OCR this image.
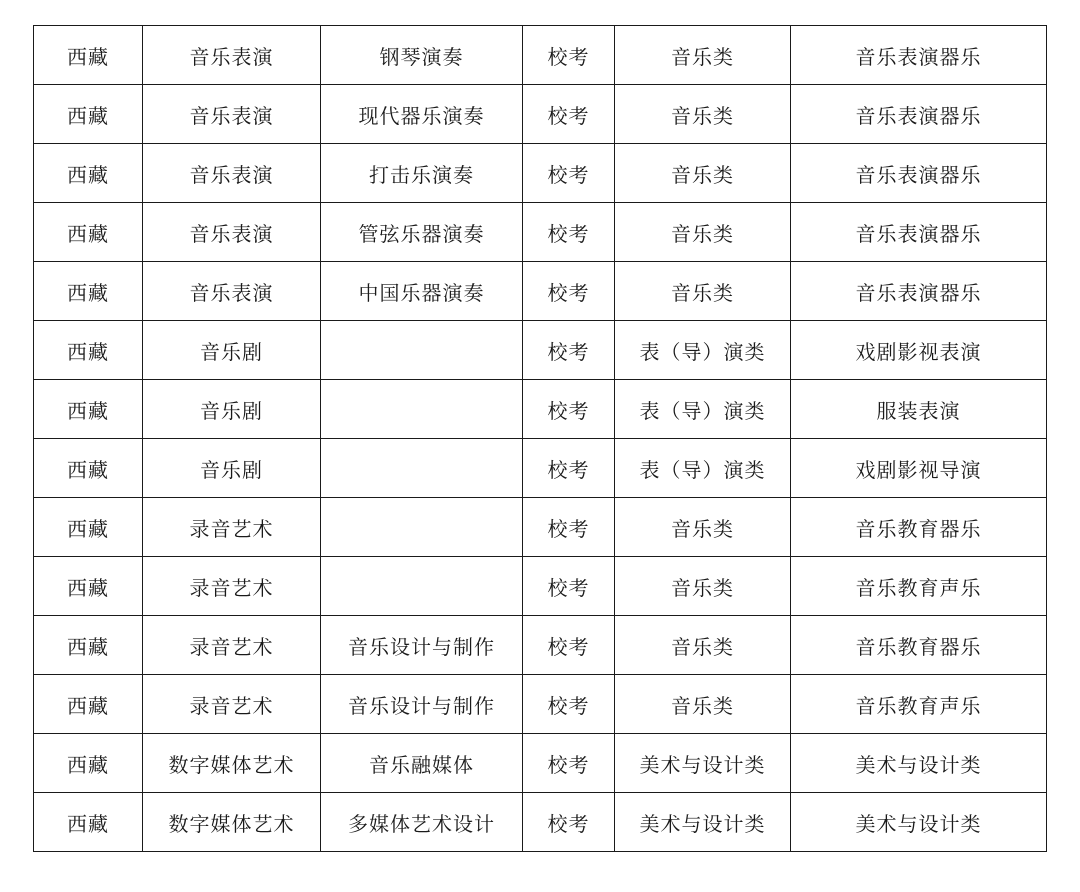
西藏	音乐表演	钢琴演奏	校考	音乐类	音乐表演器乐
西藏	音乐表演	现代器乐演奏	校考	音乐类	音乐表演器乐
西藏	音乐表演	打击乐演奏	校考	音乐类	音乐表演器乐
西藏	音乐表演	管弦乐器演奏	校考	音乐类	音乐表演器乐
西藏	音乐表演	中国乐器演奏	校考	音乐类	音乐表演器乐
西藏	音乐剧		校考	表（导）演类	戏剧影视表演
西藏	音乐剧		校考	表（导）演类	服装表演
西藏	音乐剧		校考	表（导）演类	戏剧影视导演
西藏	录音艺术		校考	音乐类	音乐教育器乐
西藏	录音艺术		校考	音乐类	音乐教育声乐
西藏	录音艺术	音乐设计与制作	校考	音乐类	音乐教育器乐
西藏	录音艺术	音乐设计与制作	校考	音乐类	音乐教育声乐
西藏	数字媒体艺术	音乐融媒体	校考	美术与设计类	美术与设计类
西藏	数字媒体艺术	多媒体艺术设计	校考	美术与设计类	美术与设计类
